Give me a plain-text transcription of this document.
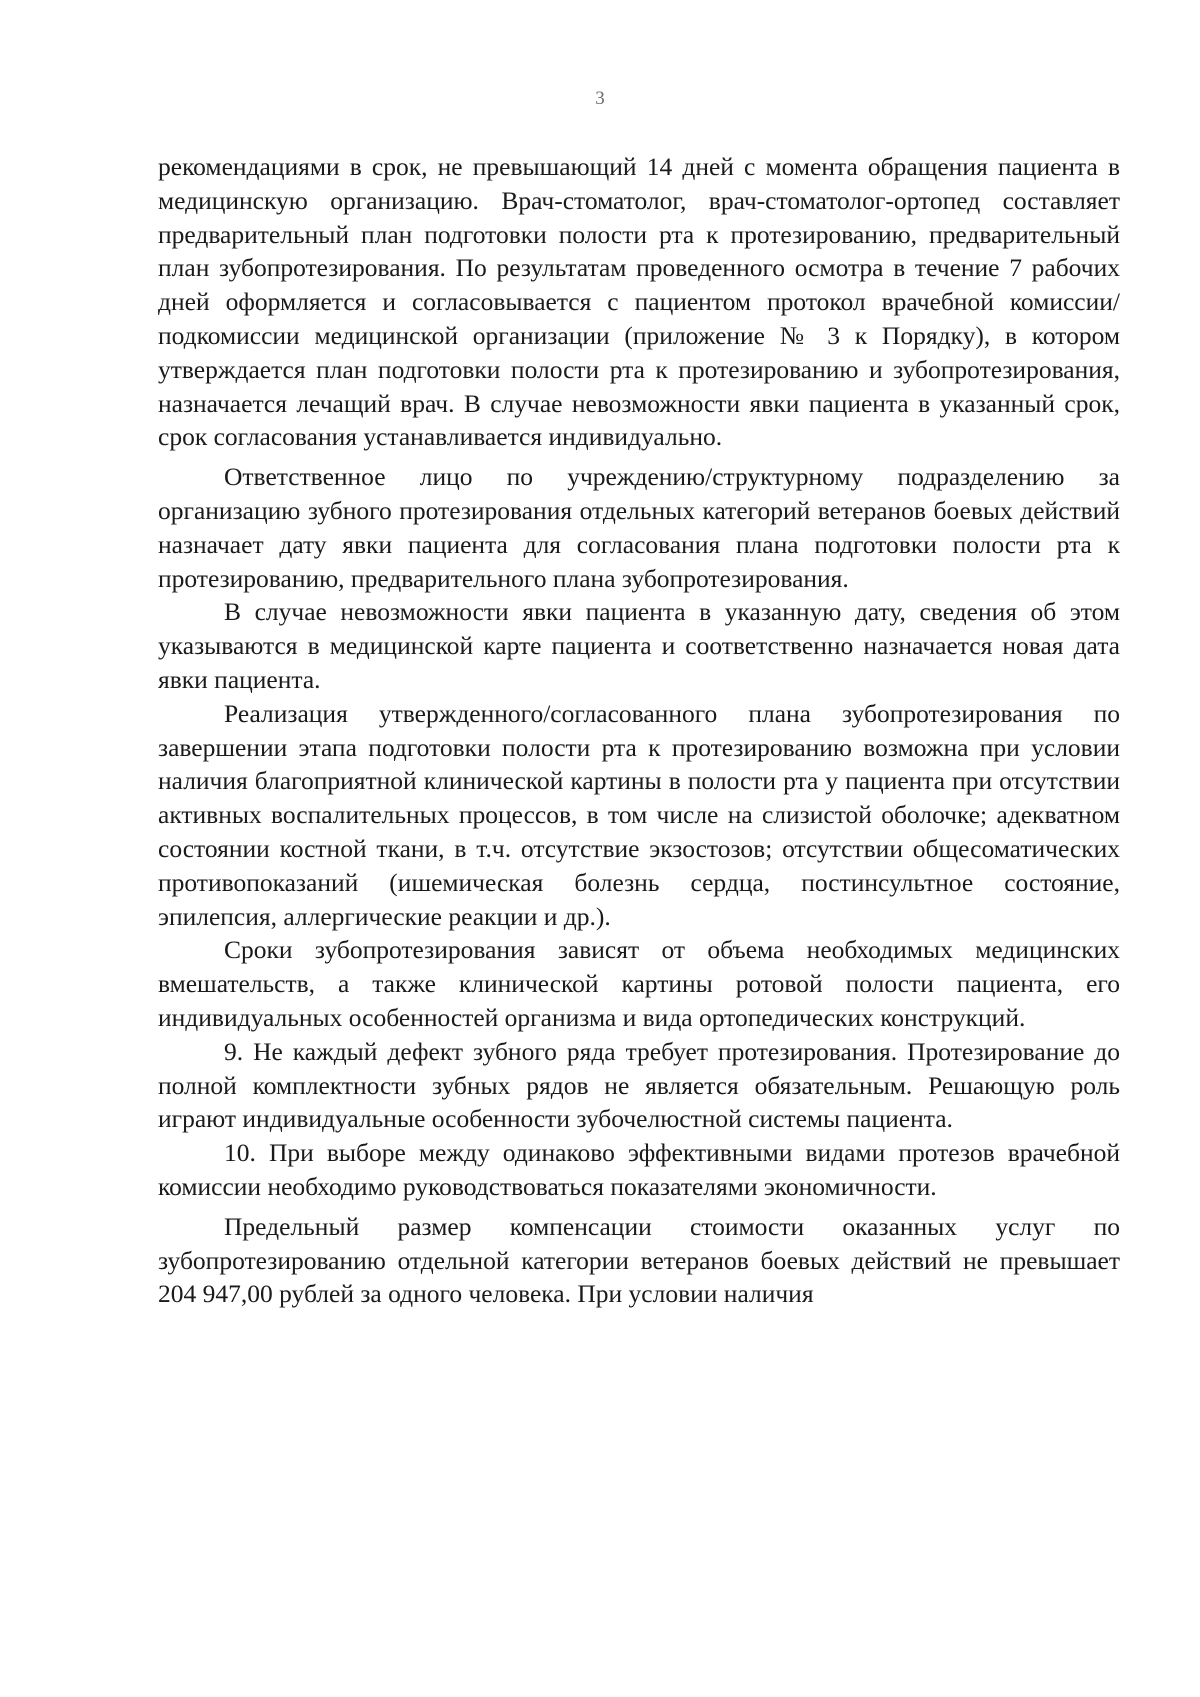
3

рекомендациями в срок, не превышающий 14 дней с момента обращения пациента в медицинскую организацию. Врач-стоматолог, врач-стоматолог-ортопед составляет предварительный план подготовки полости рта к протезированию, предварительный план зубопротезирования. По результатам проведенного осмотра в течение 7 рабочих дней оформляется и согласовывается с пациентом протокол врачебной комиссии/ подкомиссии медицинской организации (приложение № 3 к Порядку), в котором утверждается план подготовки полости рта к протезированию и зубопротезирования, назначается лечащий врач. В случае невозможности явки пациента в указанный срок, срок согласования устанавливается индивидуально.

Ответственное лицо по учреждению/структурному подразделению за организацию зубного протезирования отдельных категорий ветеранов боевых действий назначает дату явки пациента для согласования плана подготовки полости рта к протезированию, предварительного плана зубопротезирования.

В случае невозможности явки пациента в указанную дату, сведения об этом указываются в медицинской карте пациента и соответственно назначается новая дата явки пациента.

Реализация утвержденного/согласованного плана зубопротезирования по завершении этапа подготовки полости рта к протезированию возможна при условии наличия благоприятной клинической картины в полости рта у пациента при отсутствии активных воспалительных процессов, в том числе на слизистой оболочке; адекватном состоянии костной ткани, в т.ч. отсутствие экзостозов; отсутствии общесоматических противопоказаний (ишемическая болезнь сердца, постинсультное состояние, эпилепсия, аллергические реакции и др.).

Сроки зубопротезирования зависят от объема необходимых медицинских вмешательств, а также клинической картины ротовой полости пациента, его индивидуальных особенностей организма и вида ортопедических конструкций.

9. Не каждый дефект зубного ряда требует протезирования. Протезирование до полной комплектности зубных рядов не является обязательным. Решающую роль играют индивидуальные особенности зубочелюстной системы пациента.

10. При выборе между одинаково эффективными видами протезов врачебной комиссии необходимо руководствоваться показателями экономичности.

Предельный размер компенсации стоимости оказанных услуг по зубопротезированию отдельной категории ветеранов боевых действий не превышает 204 947,00 рублей за одного человека. При условии наличия
